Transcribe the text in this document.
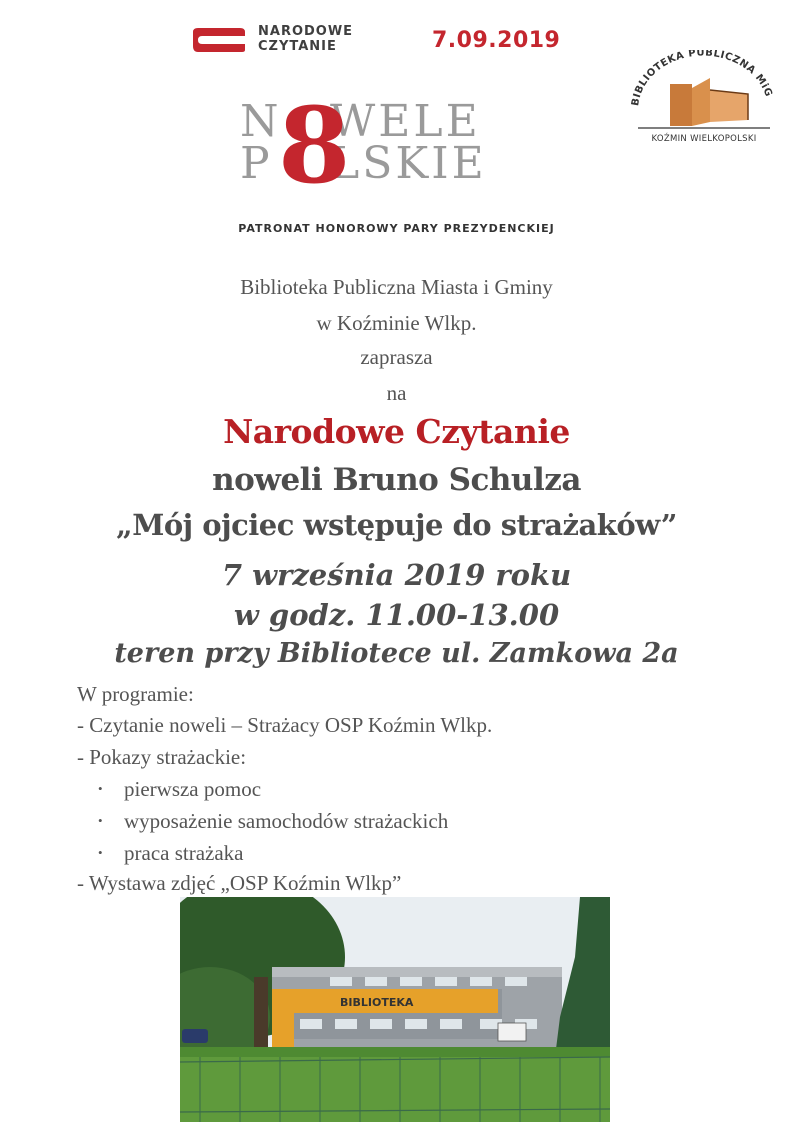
NARODOWE
CZYTANIE	7.09.2019
BIBLIOTEKA PUBLICZNA MiG
KOŹMIN WIELKOPOLSKI
N WELE
P LSKIE
8
PATRONAT HONOROWY PARY PREZYDENCKIEJ
Biblioteka Publiczna Miasta i Gminy
w Koźminie Wlkp.
zaprasza
na
Narodowe Czytanie
noweli Bruno Schulza
„Mój ojciec wstępuje do strażaków”
7 września 2019 roku
w godz. 11.00-13.00
teren przy Bibliotece ul. Zamkowa 2a
W programie:
- Czytanie noweli – Strażacy OSP Koźmin Wlkp.
- Pokazy strażackie:
• pierwsza pomoc
• wyposażenie samochodów strażackich
• praca strażaka
- Wystawa zdjęć „OSP Koźmin Wlkp”
BIBLIOTEKA
